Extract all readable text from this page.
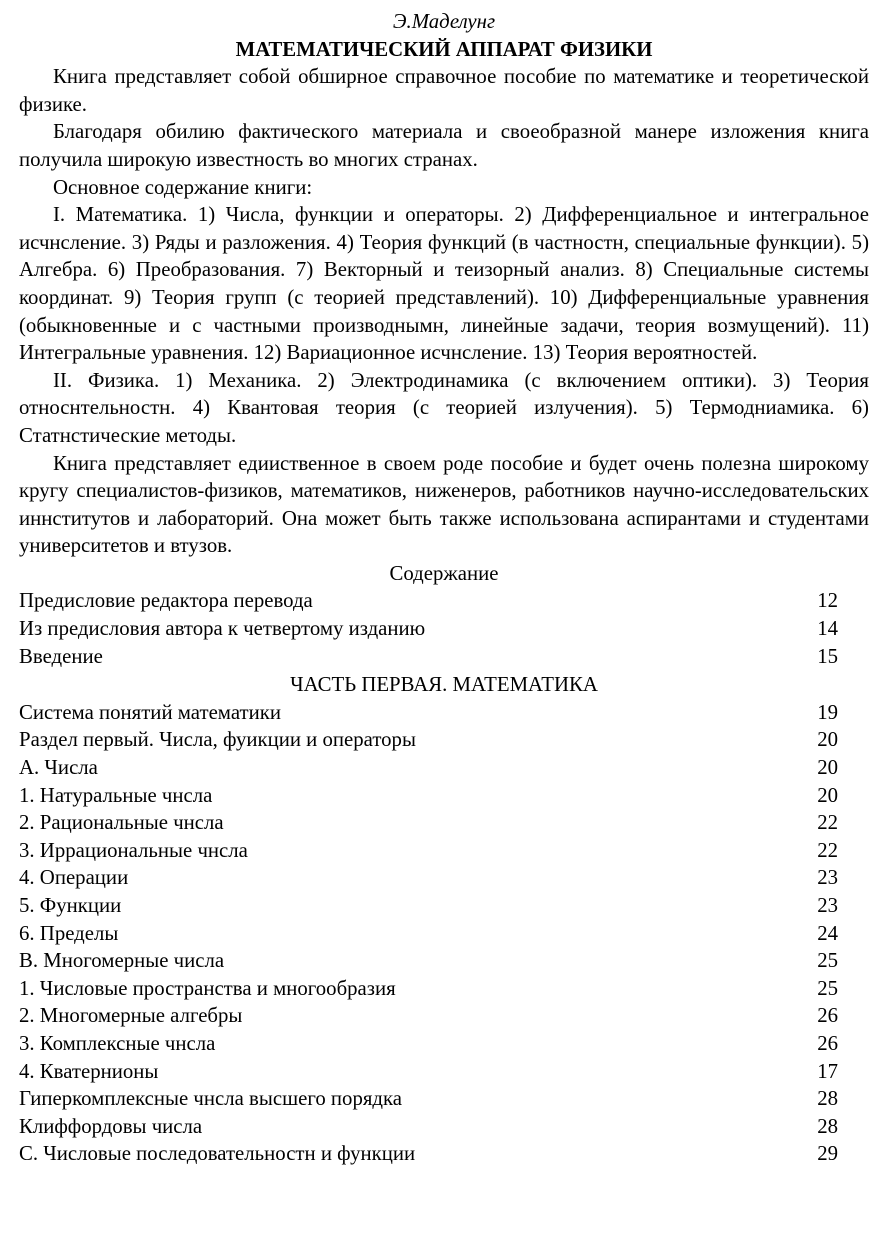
Э.Маделунг
МАТЕМАТИЧЕСКИЙ АППАРАТ ФИЗИКИ

Книга представляет собой обширное справочное пособие по математике и теоретической физике.

Благодаря обилию фактического материала и своеобразной манере изложения книга получила широкую известность во многих странах.

Основное содержание книги:

I. Математика. 1) Числа, функции и операторы. 2) Дифференциальное и интегральное исчнсление. 3) Ряды и разложения. 4) Теория функций (в частностн, специальные функции). 5) Алгебра. 6) Преобразования. 7) Векторный и теизорный анализ. 8) Специальные системы координат. 9) Теория групп (с теорией представлений). 10) Дифференциальные уравнения (обыкновенные и с частными производнымн, линейные задачи, теория возмущений). 11) Интегральные уравнения. 12) Вариационное исчнсление. 13) Теория вероятностей.

II. Физика. 1) Механика. 2) Электродинамика (с включением оптики). 3) Теория относнтельностн. 4) Квантовая теория (с теорией излучения). 5) Термодниамика. 6) Статнстические методы.

Книга представляет едииственное в своем роде пособие и будет очень полезна широкому кругу специалистов-физиков, математиков, ниженеров, работников научно-исследовательских иннститутов и лабораторий. Она может быть также использована аспирантами и студентами университетов и втузов.

Содержание
Предисловие редактора перевода	12
Из предисловия автора к четвертому изданию	14
Введение	15
ЧАСТЬ ПЕРВАЯ. МАТЕМАТИКА
Система понятий математики	19
Раздел первый. Числа, фуикции и операторы	20
А. Числа	20
1. Натуральные чнсла	20
2. Рациональные чнсла	22
3. Иррациональные чнсла	22
4. Операции	23
5. Функции	23
6. Пределы	24
В. Многомерные числа	25
1. Числовые пространства и многообразия	25
2. Многомерные алгебры	26
3. Комплексные чнсла	26
4. Кватернионы	17
Гиперкомплексные чнсла высшего порядка	28
Клиффордовы числа	28
С. Числовые последовательностн и функции	29
